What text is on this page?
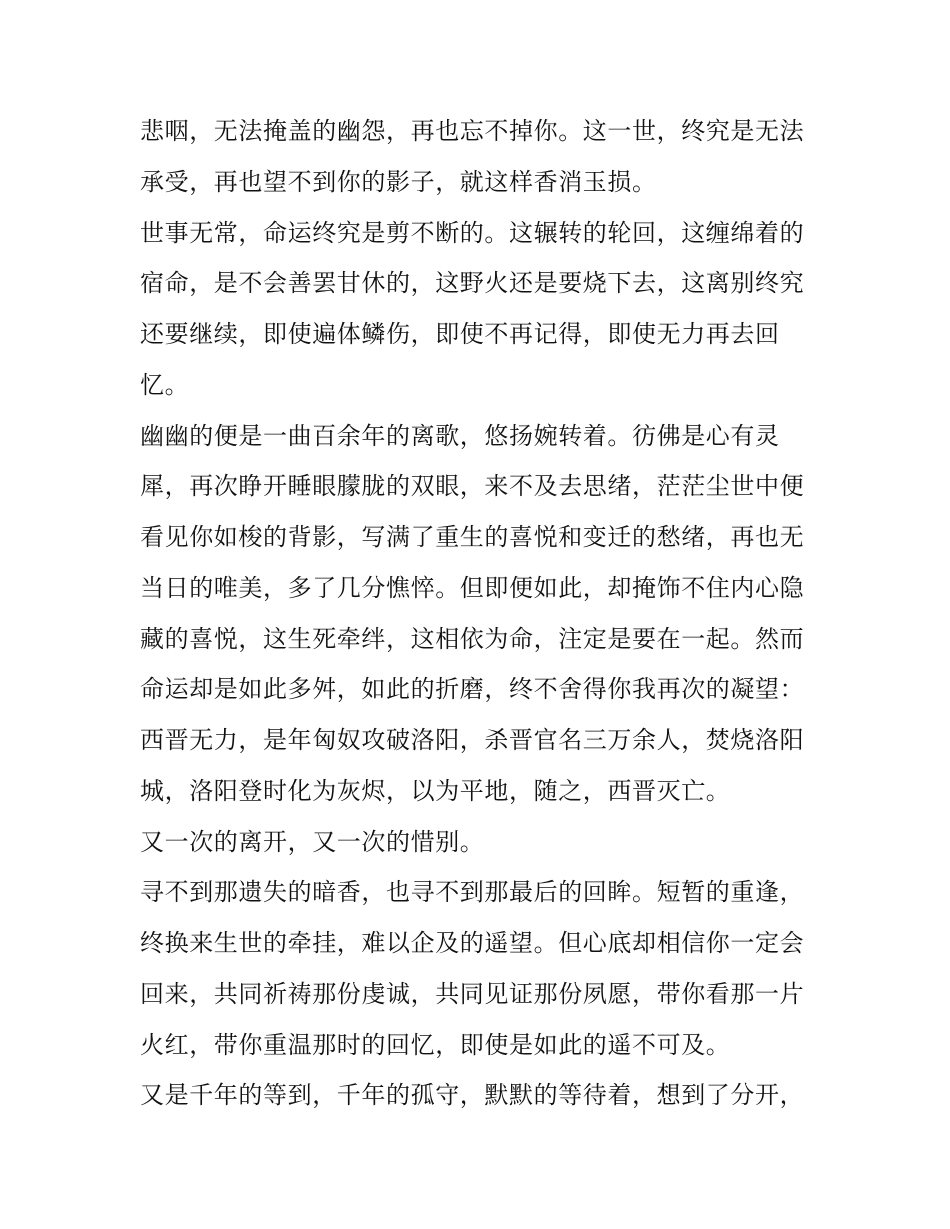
悲咽，无法掩盖的幽怨，再也忘不掉你。这一世，终究是无法
承受，再也望不到你的影子，就这样香消玉损。
世事无常，命运终究是剪不断的。这辗转的轮回，这缠绵着的
宿命，是不会善罢甘休的，这野火还是要烧下去，这离别终究
还要继续，即使遍体鳞伤，即使不再记得，即使无力再去回
忆。
幽幽的便是一曲百余年的离歌，悠扬婉转着。彷佛是心有灵
犀，再次睁开睡眼朦胧的双眼，来不及去思绪，茫茫尘世中便
看见你如梭的背影，写满了重生的喜悦和变迁的愁绪，再也无
当日的唯美，多了几分憔悴。但即便如此，却掩饰不住内心隐
藏的喜悦，这生死牵绊，这相依为命，注定是要在一起。然而
命运却是如此多舛，如此的折磨，终不舍得你我再次的凝望：
西晋无力，是年匈奴攻破洛阳，杀晋官名三万余人，焚烧洛阳
城，洛阳登时化为灰烬，以为平地，随之，西晋灭亡。
又一次的离开，又一次的惜别。
寻不到那遗失的暗香，也寻不到那最后的回眸。短暂的重逢，
终换来生世的牵挂，难以企及的遥望。但心底却相信你一定会
回来，共同祈祷那份虔诚，共同见证那份夙愿，带你看那一片
火红，带你重温那时的回忆，即使是如此的遥不可及。
又是千年的等到，千年的孤守，默默的等待着，想到了分开，
